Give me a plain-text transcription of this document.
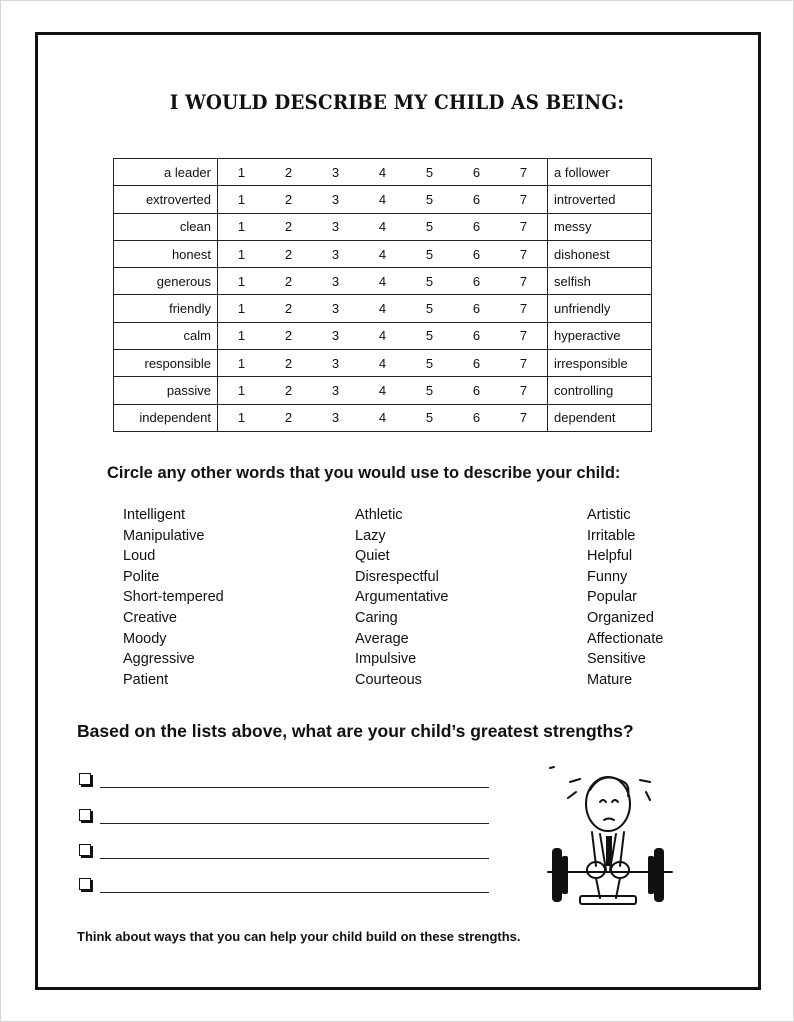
I WOULD DESCRIBE MY CHILD AS BEING:
a leader	1	2	3	4	5	6	7	a follower
extroverted	1	2	3	4	5	6	7	introverted
clean	1	2	3	4	5	6	7	messy
honest	1	2	3	4	5	6	7	dishonest
generous	1	2	3	4	5	6	7	selfish
friendly	1	2	3	4	5	6	7	unfriendly
calm	1	2	3	4	5	6	7	hyperactive
responsible	1	2	3	4	5	6	7	irresponsible
passive	1	2	3	4	5	6	7	controlling
independent	1	2	3	4	5	6	7	dependent
Circle any other words that you would use to describe your child:
Intelligent
Manipulative
Loud
Polite
Short-tempered
Creative
Moody
Aggressive
Patient
Athletic
Lazy
Quiet
Disrespectful
Argumentative
Caring
Average
Impulsive
Courteous
Artistic
Irritable
Helpful
Funny
Popular
Organized
Affectionate
Sensitive
Mature
Based on the lists above, what are your child’s greatest strengths?
Think about ways that you can help your child build on these strengths.
